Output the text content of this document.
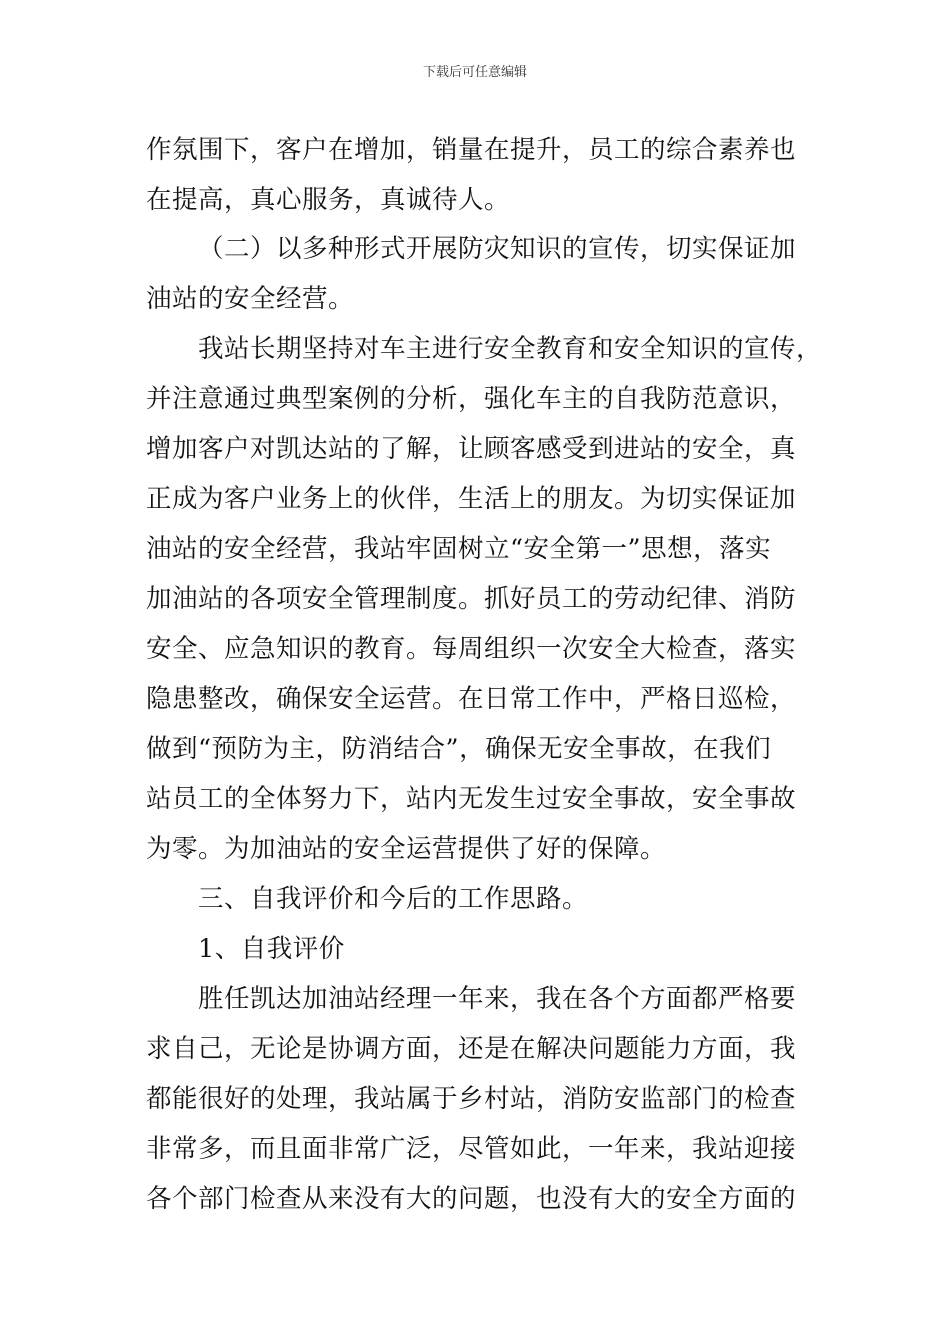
下载后可任意编辑
作氛围下，客户在增加，销量在提升，员工的综合素养也
在提高，真心服务，真诚待人。
（二）以多种形式开展防灾知识的宣传，切实保证加
油站的安全经营。
我站长期坚持对车主进行安全教育和安全知识的宣传，
并注意通过典型案例的分析，强化车主的自我防范意识，
增加客户对凯达站的了解，让顾客感受到进站的安全，真
正成为客户业务上的伙伴，生活上的朋友。为切实保证加
油站的安全经营，我站牢固树立“安全第一”思想，落实
加油站的各项安全管理制度。抓好员工的劳动纪律、消防
安全、应急知识的教育。每周组织一次安全大检查，落实
隐患整改，确保安全运营。在日常工作中，严格日巡检，
做到“预防为主，防消结合”，确保无安全事故，在我们
站员工的全体努力下，站内无发生过安全事故，安全事故
为零。为加油站的安全运营提供了好的保障。
三、自我评价和今后的工作思路。
1、自我评价
胜任凯达加油站经理一年来，我在各个方面都严格要
求自己，无论是协调方面，还是在解决问题能力方面，我
都能很好的处理，我站属于乡村站，消防安监部门的检查
非常多，而且面非常广泛，尽管如此，一年来，我站迎接
各个部门检查从来没有大的问题，也没有大的安全方面的
